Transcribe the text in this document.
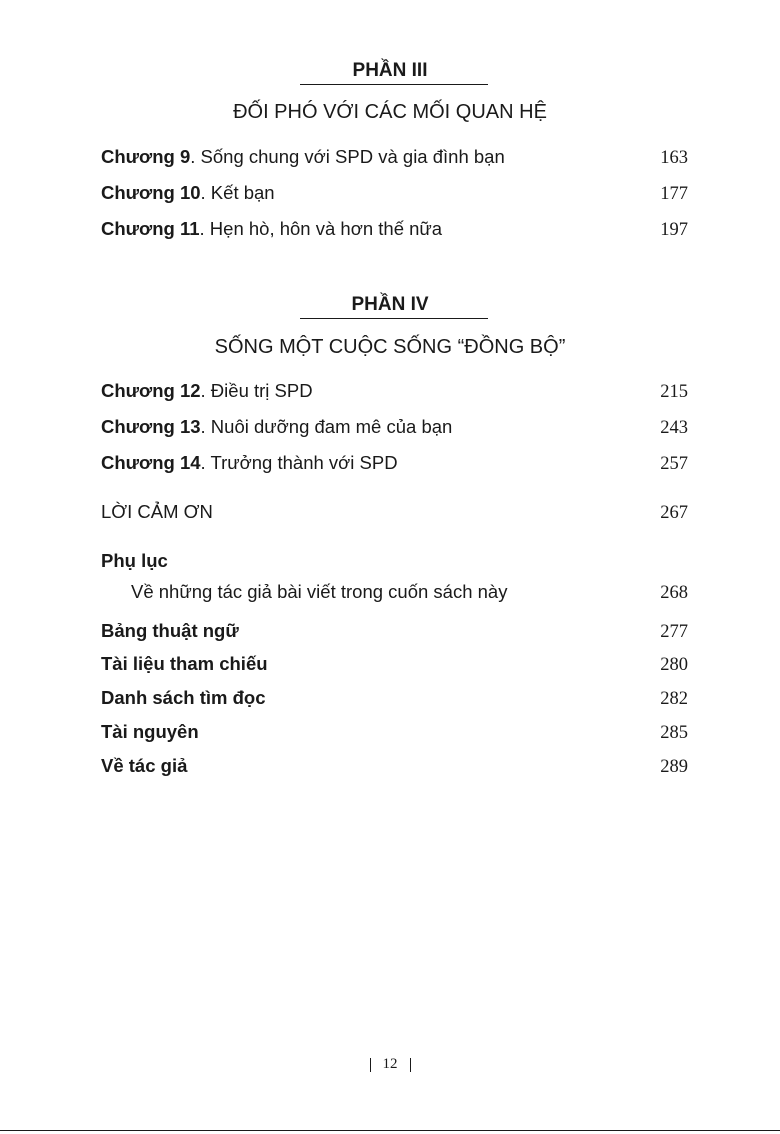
PHẦN III
ĐỐI PHÓ VỚI CÁC MỐI QUAN HỆ
Chương 9. Sống chung với SPD và gia đình bạn	163
Chương 10. Kết bạn	177
Chương 11. Hẹn hò, hôn và hơn thế nữa	197
PHẦN IV
SỐNG MỘT CUỘC SỐNG “ĐỒNG BỘ”
Chương 12. Điều trị SPD	215
Chương 13. Nuôi dưỡng đam mê của bạn	243
Chương 14. Trưởng thành với SPD	257
LỜI CẢM ƠN	267
Phụ lục
Về những tác giả bài viết trong cuốn sách này	268
Bảng thuật ngữ	277
Tài liệu tham chiếu	280
Danh sách tìm đọc	282
Tài nguyên	285
Về tác giả	289
12
